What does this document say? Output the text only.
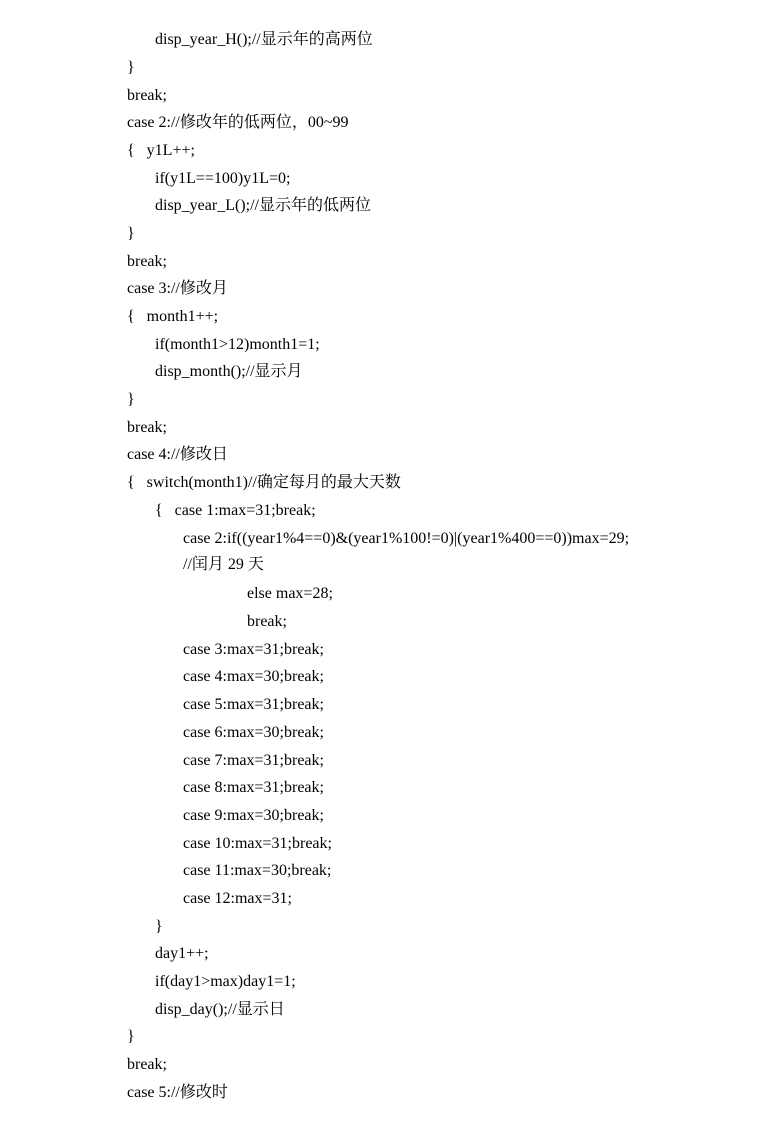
disp_year_H();//显示年的高两位
}
break;
case 2://修改年的低两位，00~99
{   y1L++;
if(y1L==100)y1L=0;
disp_year_L();//显示年的低两位
}
break;
case 3://修改月
{   month1++;
if(month1>12)month1=1;
disp_month();//显示月
}
break;
case 4://修改日
{   switch(month1)//确定每月的最大天数
{   case 1:max=31;break;
case 2:if((year1%4==0)&(year1%100!=0)|(year1%400==0))max=29;
//闰月 29 天
else max=28;
break;
case 3:max=31;break;
case 4:max=30;break;
case 5:max=31;break;
case 6:max=30;break;
case 7:max=31;break;
case 8:max=31;break;
case 9:max=30;break;
case 10:max=31;break;
case 11:max=30;break;
case 12:max=31;
}
day1++;
if(day1>max)day1=1;
disp_day();//显示日
}
break;
case 5://修改时
